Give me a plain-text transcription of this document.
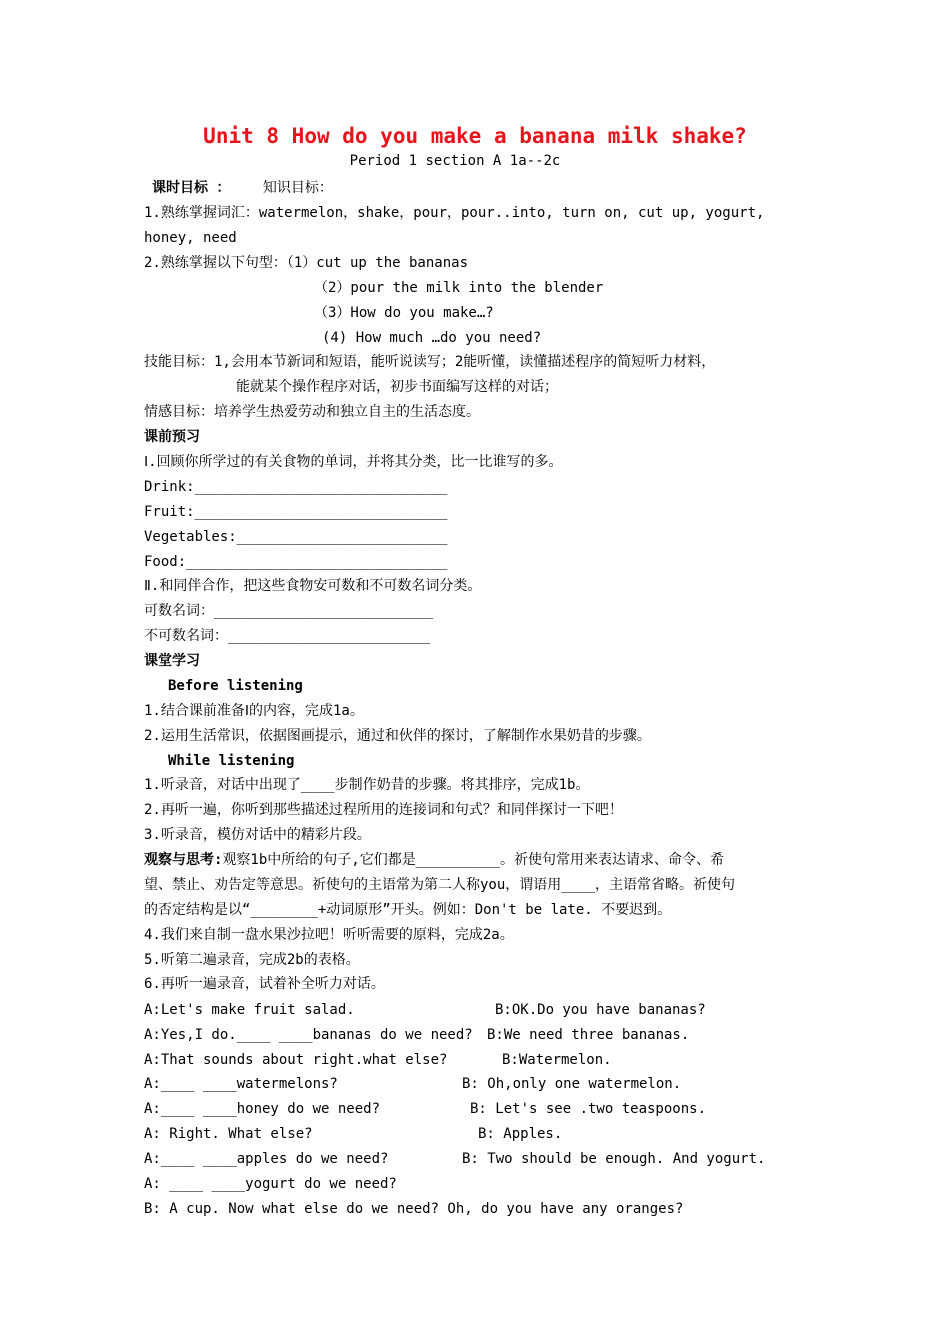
Unit 8 How do you make a banana milk shake?
Period 1 section A 1a--2c
课时目标 ： 知识目标：
1.熟练掌握词汇：watermelon，shake，pour，pour..into, turn on, cut up, yogurt,
honey, need
2.熟练掌握以下句型：（1）cut up the bananas
（2）pour the milk into the blender
（3）How do you make…?
(4) How much …do you need?
技能目标：1,会用本节新词和短语，能听说读写；2能听懂，读懂描述程序的简短听力材料，
能就某个操作程序对话，初步书面编写这样的对话；
情感目标：培养学生热爱劳动和独立自主的生活态度。
课前预习
Ⅰ.回顾你所学过的有关食物的单词，并将其分类，比一比谁写的多。
Drink:______________________________
Fruit:______________________________
Vegetables:_________________________
Food:_______________________________
Ⅱ.和同伴合作，把这些食物安可数和不可数名词分类。
可数名词：__________________________
不可数名词：________________________
课堂学习
Before listening
1.结合课前准备Ⅰ的内容，完成1a。
2.运用生活常识，依据图画提示，通过和伙伴的探讨，了解制作水果奶昔的步骤。
While listening
1.听录音，对话中出现了____步制作奶昔的步骤。将其排序，完成1b。
2.再听一遍，你听到那些描述过程所用的连接词和句式？和同伴探讨一下吧！
3.听录音，模仿对话中的精彩片段。
观察与思考:观察1b中所给的句子,它们都是__________。祈使句常用来表达请求、命令、希
望、禁止、劝告定等意思。祈使句的主语常为第二人称you，谓语用____，主语常省略。祈使句
的否定结构是以“________+动词原形”开头。例如：Don't be late. 不要迟到。
4.我们来自制一盘水果沙拉吧！听听需要的原料，完成2a。
5.听第二遍录音，完成2b的表格。
6.再听一遍录音，试着补全听力对话。
A:Let's make fruit salad.	B:OK.Do you have bananas?
A:Yes,I do.____ ____bananas do we need? B:We need three bananas.
A:That sounds about right.what else?	B:Watermelon.
A:____ ____watermelons?	B: Oh,only one watermelon.
A:____ ____honey do we need?	B: Let's see .two teaspoons.
A: Right. What else?	B: Apples.
A:____ ____apples do we need?	B: Two should be enough. And yogurt.
A: ____ ____yogurt do we need?
B: A cup. Now what else do we need? Oh, do you have any oranges?
